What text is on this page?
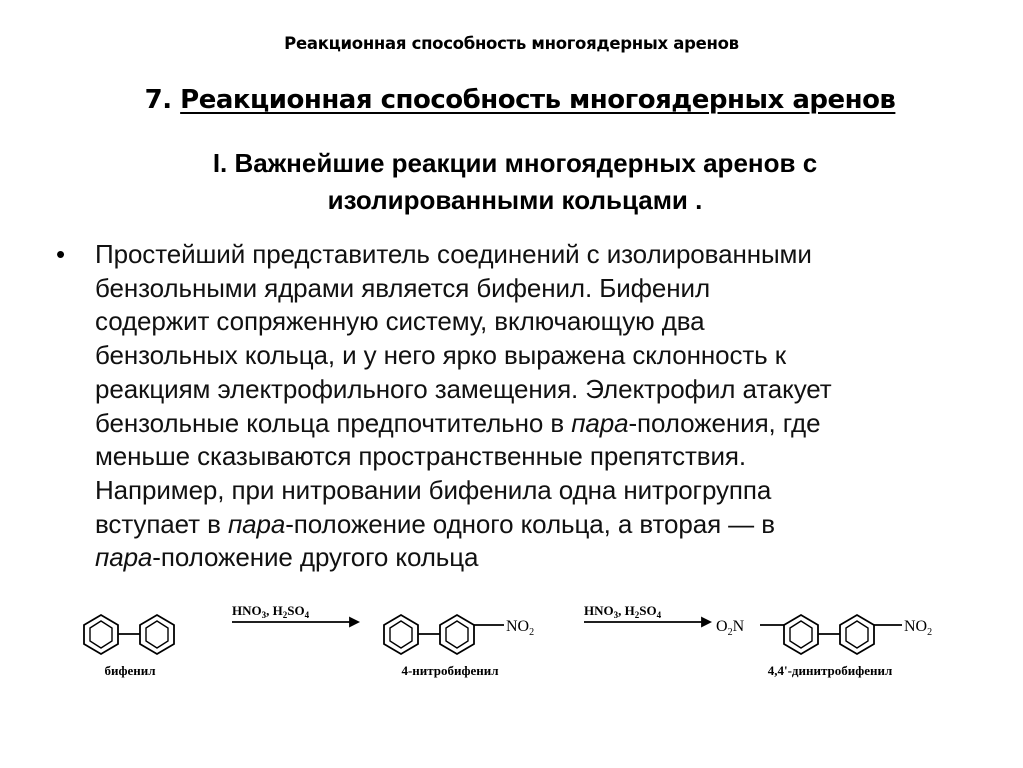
Реакционная способность многоядерных аренов
7. Реакционная способность многоядерных аренов
I. Важнейшие реакции многоядерных аренов с
изолированными кольцами .
• Простейший представитель соединений с изолированными
бензольными ядрами является бифенил. Бифенил
содержит сопряженную систему, включающую два
бензольных кольца, и у него ярко выражена склонность к
реакциям электрофильного замещения. Электрофил атакует
бензольные кольца предпочтительно в пара-положения, где
меньше сказываются пространственные препятствия.
Например, при нитровании бифенила одна нитрогруппа
вступает в пара-положение одного кольца, а вторая — в
пара-положение другого кольца
$HNO_3$, $H_2SO_4$	$HNO_3$, $H_2SO_4$
$NO_2$	$O_2N$	$NO_2$
бифенил	4-нитробифенил	4,4'-динитробифенил
